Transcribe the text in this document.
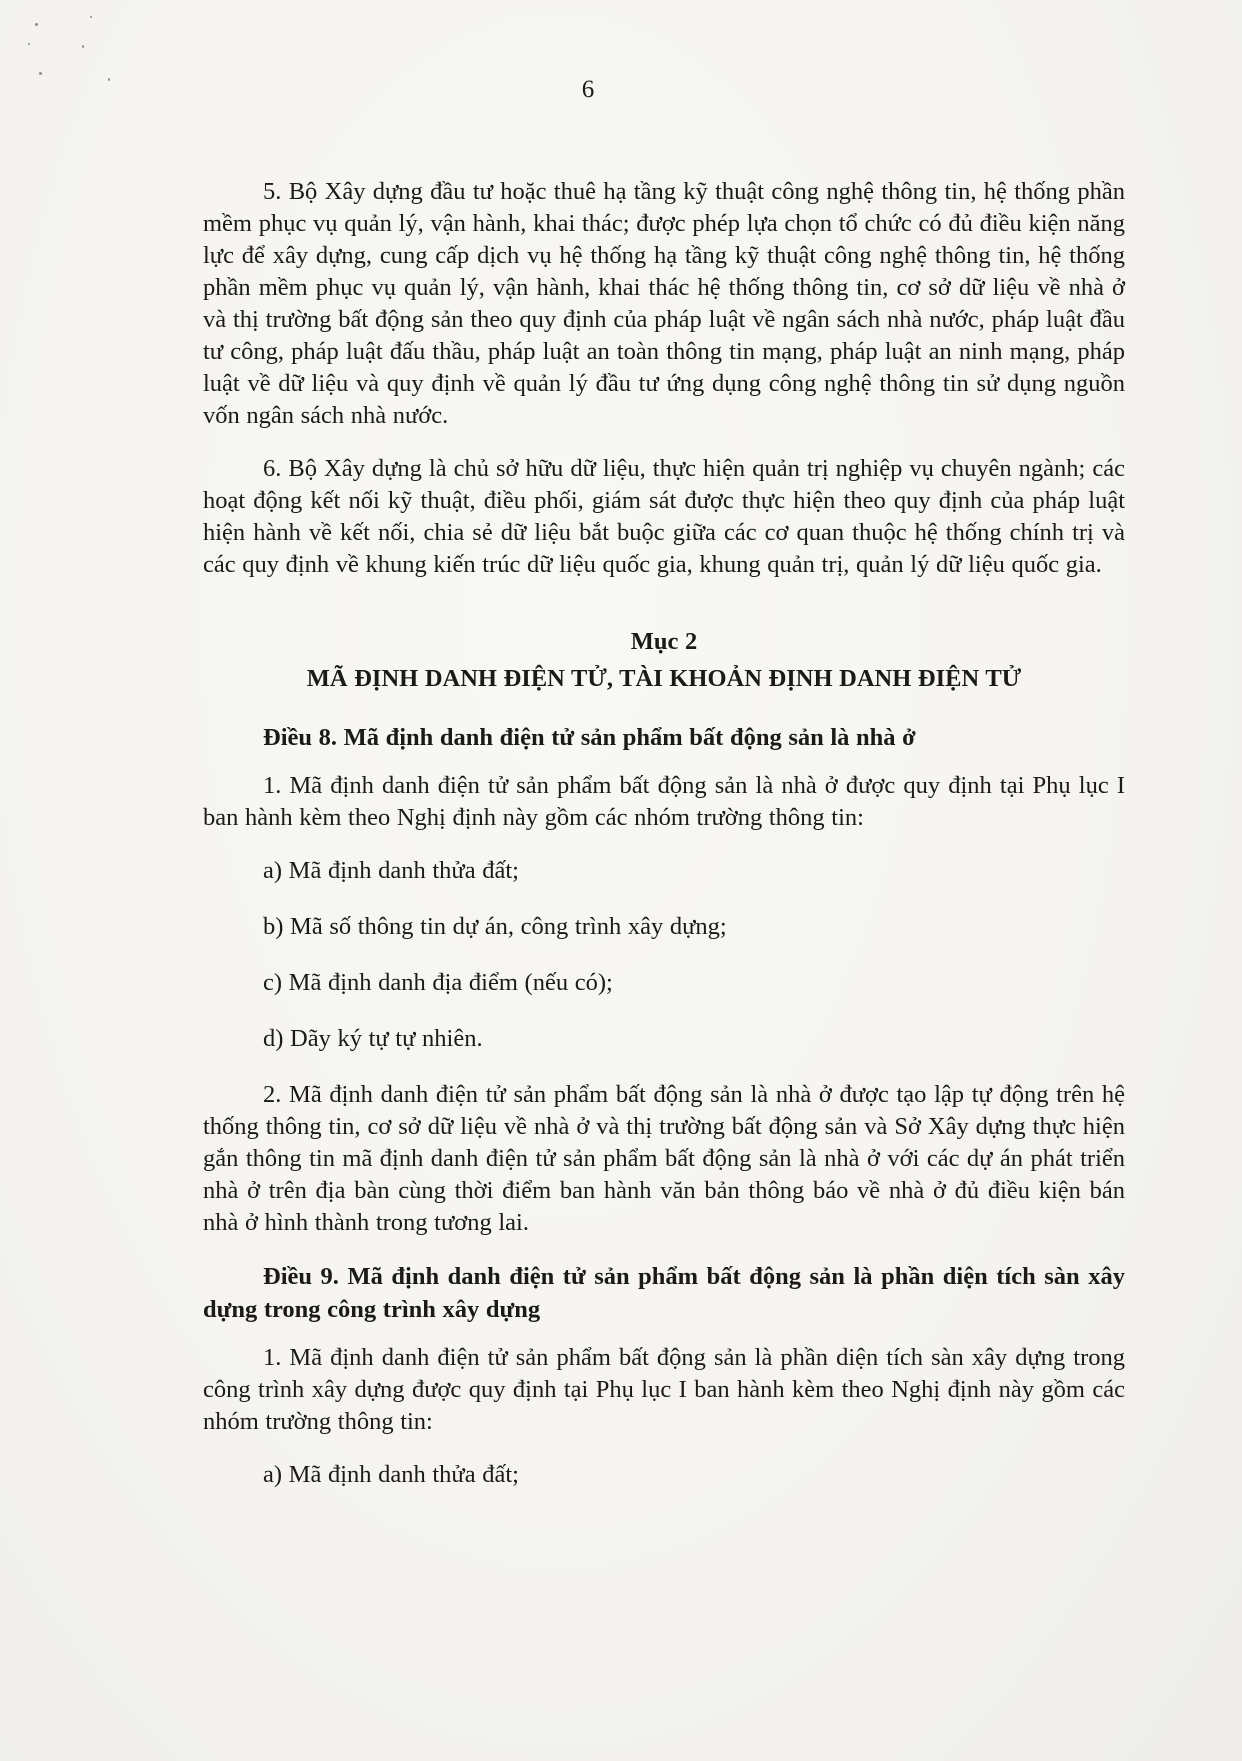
6

5. Bộ Xây dựng đầu tư hoặc thuê hạ tầng kỹ thuật công nghệ thông tin, hệ thống phần mềm phục vụ quản lý, vận hành, khai thác; được phép lựa chọn tổ chức có đủ điều kiện năng lực để xây dựng, cung cấp dịch vụ hệ thống hạ tầng kỹ thuật công nghệ thông tin, hệ thống phần mềm phục vụ quản lý, vận hành, khai thác hệ thống thông tin, cơ sở dữ liệu về nhà ở và thị trường bất động sản theo quy định của pháp luật về ngân sách nhà nước, pháp luật đầu tư công, pháp luật đấu thầu, pháp luật an toàn thông tin mạng, pháp luật an ninh mạng, pháp luật về dữ liệu và quy định về quản lý đầu tư ứng dụng công nghệ thông tin sử dụng nguồn vốn ngân sách nhà nước.

6. Bộ Xây dựng là chủ sở hữu dữ liệu, thực hiện quản trị nghiệp vụ chuyên ngành; các hoạt động kết nối kỹ thuật, điều phối, giám sát được thực hiện theo quy định của pháp luật hiện hành về kết nối, chia sẻ dữ liệu bắt buộc giữa các cơ quan thuộc hệ thống chính trị và các quy định về khung kiến trúc dữ liệu quốc gia, khung quản trị, quản lý dữ liệu quốc gia.

Mục 2
MÃ ĐỊNH DANH ĐIỆN TỬ, TÀI KHOẢN ĐỊNH DANH ĐIỆN TỬ

Điều 8. Mã định danh điện tử sản phẩm bất động sản là nhà ở

1. Mã định danh điện tử sản phẩm bất động sản là nhà ở được quy định tại Phụ lục I ban hành kèm theo Nghị định này gồm các nhóm trường thông tin:

a) Mã định danh thửa đất;

b) Mã số thông tin dự án, công trình xây dựng;

c) Mã định danh địa điểm (nếu có);

d) Dãy ký tự tự nhiên.

2. Mã định danh điện tử sản phẩm bất động sản là nhà ở được tạo lập tự động trên hệ thống thông tin, cơ sở dữ liệu về nhà ở và thị trường bất động sản và Sở Xây dựng thực hiện gắn thông tin mã định danh điện tử sản phẩm bất động sản là nhà ở với các dự án phát triển nhà ở trên địa bàn cùng thời điểm ban hành văn bản thông báo về nhà ở đủ điều kiện bán nhà ở hình thành trong tương lai.

Điều 9. Mã định danh điện tử sản phẩm bất động sản là phần diện tích sàn xây dựng trong công trình xây dựng

1. Mã định danh điện tử sản phẩm bất động sản là phần diện tích sàn xây dựng trong công trình xây dựng được quy định tại Phụ lục I ban hành kèm theo Nghị định này gồm các nhóm trường thông tin:

a) Mã định danh thửa đất;
